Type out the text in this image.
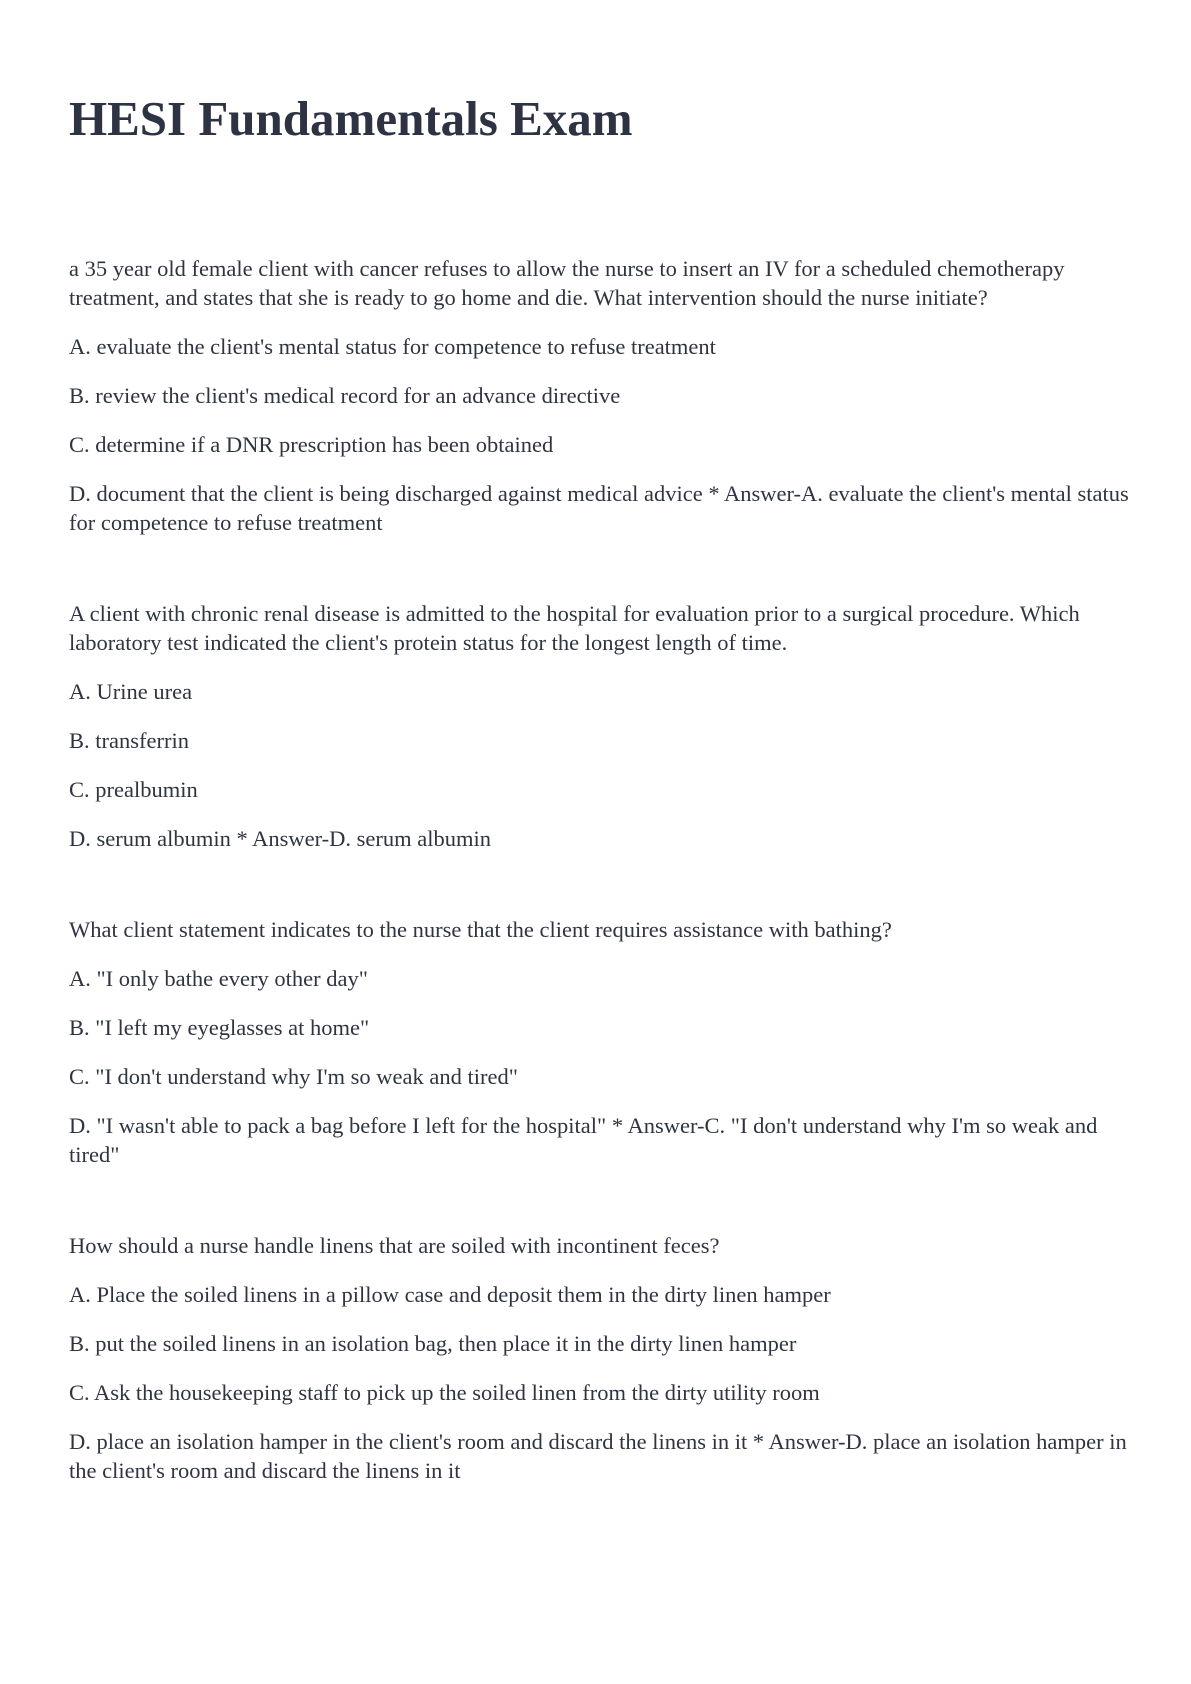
HESI Fundamentals Exam

a 35 year old female client with cancer refuses to allow the nurse to insert an IV for a scheduled chemotherapy treatment, and states that she is ready to go home and die. What intervention should the nurse initiate?

A. evaluate the client's mental status for competence to refuse treatment

B. review the client's medical record for an advance directive

C. determine if a DNR prescription has been obtained

D. document that the client is being discharged against medical advice * Answer-A. evaluate the client's mental status for competence to refuse treatment

A client with chronic renal disease is admitted to the hospital for evaluation prior to a surgical procedure. Which laboratory test indicated the client's protein status for the longest length of time.

A. Urine urea

B. transferrin

C. prealbumin

D. serum albumin * Answer-D. serum albumin

What client statement indicates to the nurse that the client requires assistance with bathing?

A. "I only bathe every other day"

B. "I left my eyeglasses at home"

C. "I don't understand why I'm so weak and tired"

D. "I wasn't able to pack a bag before I left for the hospital" * Answer-C. "I don't understand why I'm so weak and tired"

How should a nurse handle linens that are soiled with incontinent feces?

A. Place the soiled linens in a pillow case and deposit them in the dirty linen hamper

B. put the soiled linens in an isolation bag, then place it in the dirty linen hamper

C. Ask the housekeeping staff to pick up the soiled linen from the dirty utility room

D. place an isolation hamper in the client's room and discard the linens in it * Answer-D. place an isolation hamper in the client's room and discard the linens in it
